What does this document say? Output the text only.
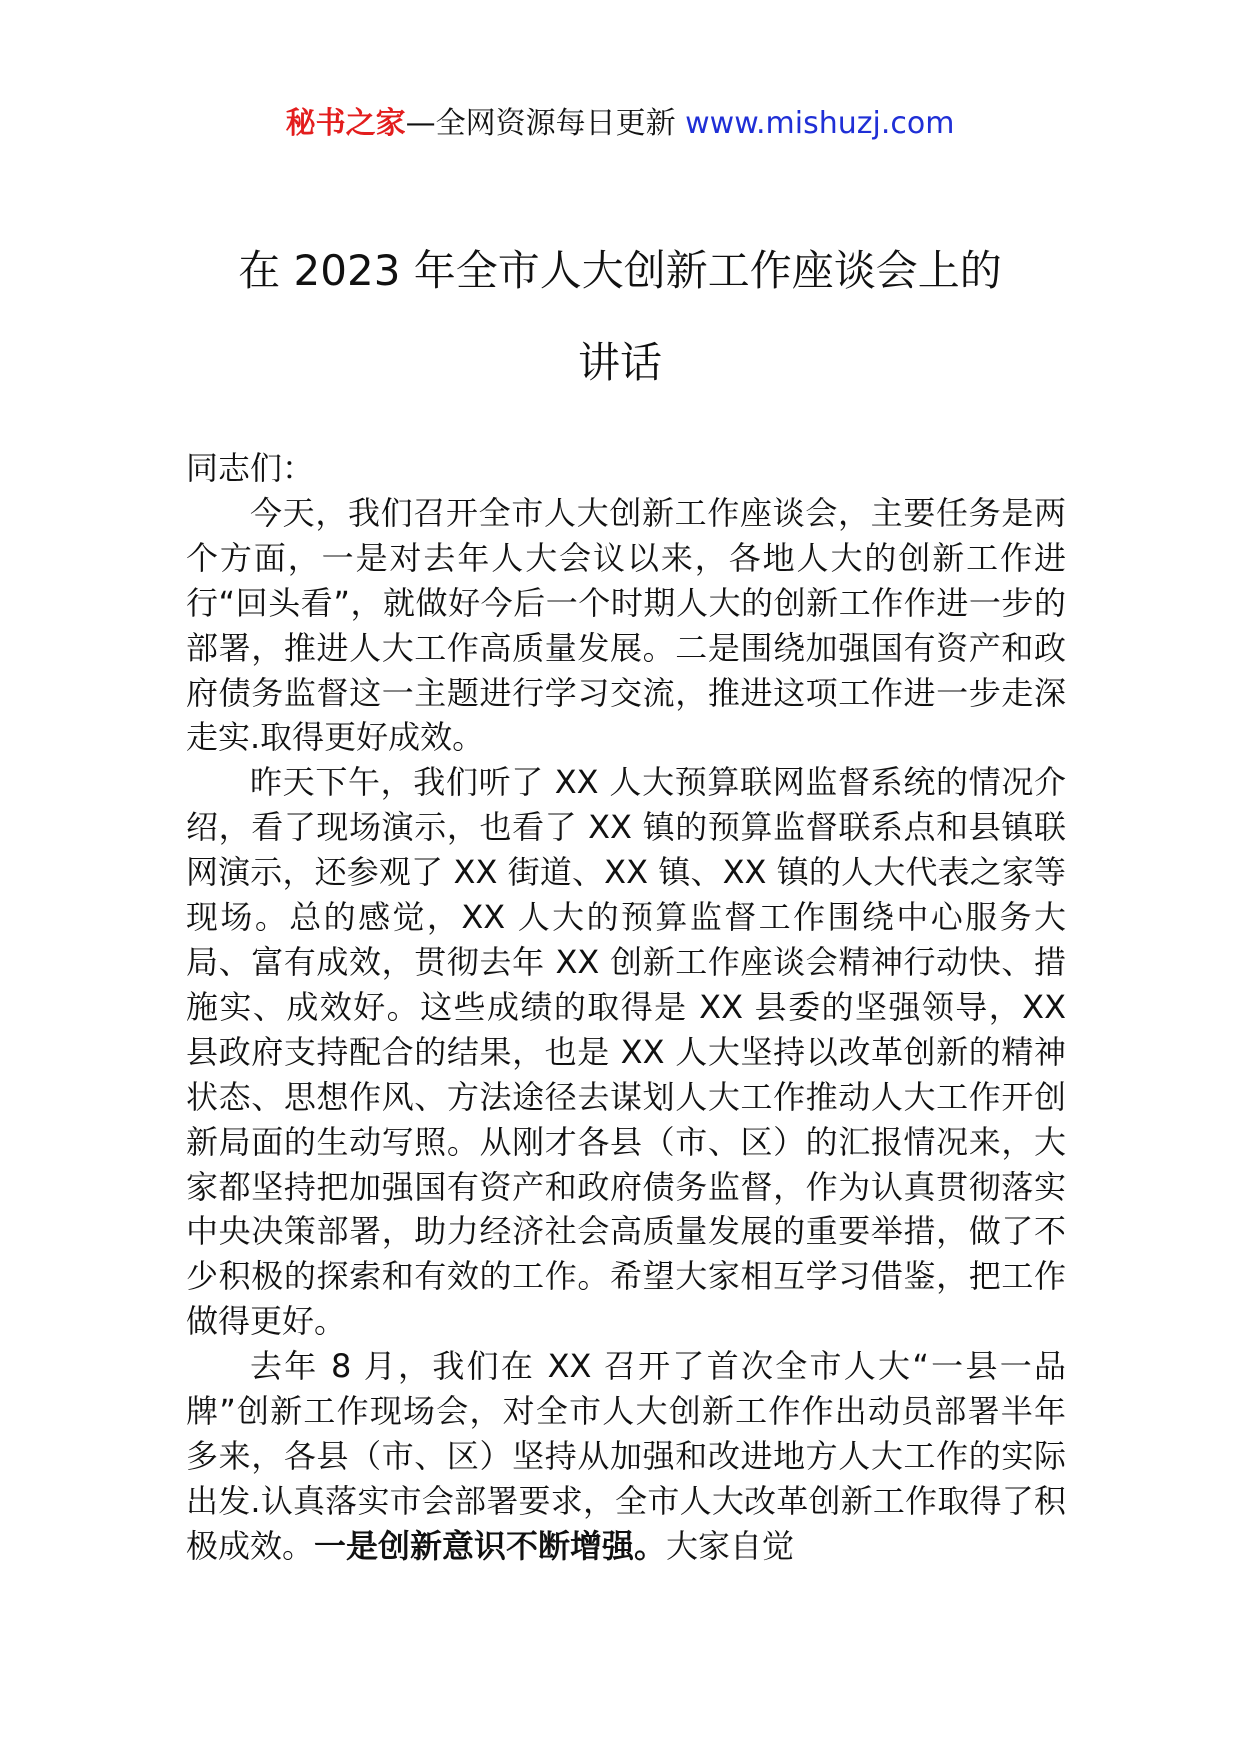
秘书之家—全网资源每日更新 www.mishuzj.com
在 2023 年全市人大创新工作座谈会上的
讲话

同志们：

今天，我们召开全市人大创新工作座谈会，主要任务是两个方面，一是对去年人大会议以来，各地人大的创新工作进行“回头看”，就做好今后一个时期人大的创新工作作进一步的部署，推进人大工作高质量发展。二是围绕加强国有资产和政府债务监督这一主题进行学习交流，推进这项工作进一步走深走实.取得更好成效。

昨天下午，我们听了 XX 人大预算联网监督系统的情况介绍，看了现场演示，也看了 XX 镇的预算监督联系点和县镇联网演示，还参观了 XX 街道、XX 镇、XX 镇的人大代表之家等现场。总的感觉，XX 人大的预算监督工作围绕中心服务大局、富有成效，贯彻去年 XX 创新工作座谈会精神行动快、措施实、成效好。这些成绩的取得是 XX 县委的坚强领导，XX 县政府支持配合的结果，也是 XX 人大坚持以改革创新的精神状态、思想作风、方法途径去谋划人大工作推动人大工作开创新局面的生动写照。从刚才各县（市、区）的汇报情况来，大家都坚持把加强国有资产和政府债务监督，作为认真贯彻落实中央决策部署，助力经济社会高质量发展的重要举措，做了不少积极的探索和有效的工作。希望大家相互学习借鉴，把工作做得更好。

去年 8 月，我们在 XX 召开了首次全市人大“一县一品牌”创新工作现场会，对全市人大创新工作作出动员部署半年多来，各县（市、区）坚持从加强和改进地方人大工作的实际出发.认真落实市会部署要求，全市人大改革创新工作取得了积极成效。一是创新意识不断增强。大家自觉
